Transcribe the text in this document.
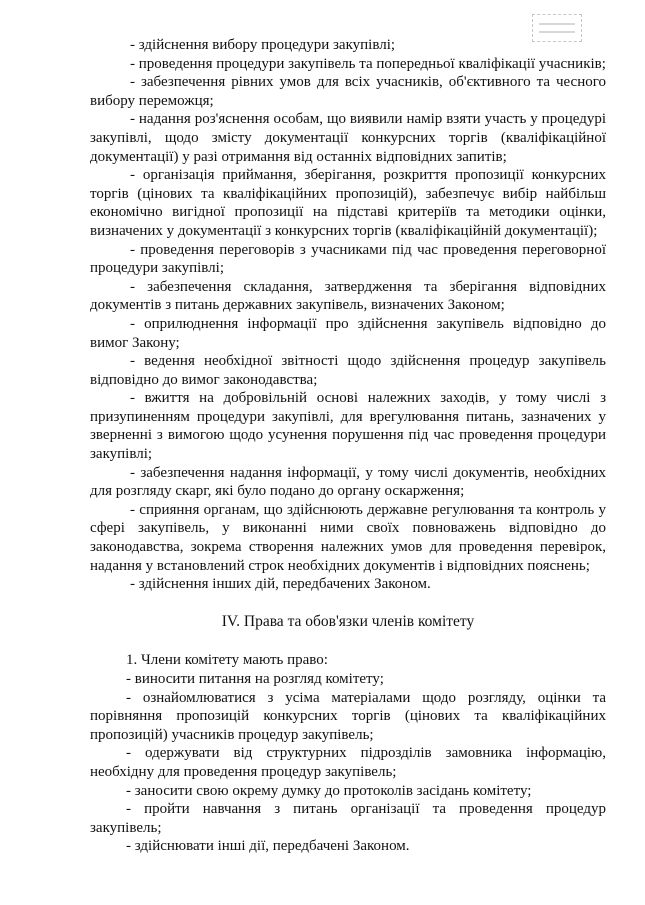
- здійснення вибору процедури закупівлі;

- проведення процедури закупівель та попередньої кваліфікації учасників;

- забезпечення рівних умов для всіх учасників, об'єктивного та чесного вибору переможця;

- надання роз'яснення особам, що виявили намір взяти участь у процедурі закупівлі, щодо змісту документації конкурсних торгів (кваліфікаційної документації) у разі отримання від останніх відповідних запитів;

- організація приймання, зберігання, розкриття пропозиції конкурсних торгів (цінових та кваліфікаційних пропозицій), забезпечує вибір найбільш економічно вигідної пропозиції на підставі критеріїв та методики оцінки, визначених у документації з конкурсних торгів (кваліфікаційній документації);

- проведення переговорів з учасниками під час проведення переговорної процедури закупівлі;

- забезпечення складання, затвердження та зберігання відповідних документів з питань державних закупівель, визначених Законом;

- оприлюднення інформації про здійснення закупівель відповідно до вимог Закону;

- ведення необхідної звітності щодо здійснення процедур закупівель відповідно до вимог законодавства;

- вжиття на добровільній основі належних заходів, у тому числі з призупиненням процедури закупівлі, для врегулювання питань, зазначених у зверненні з вимогою щодо усунення порушення під час проведення процедури закупівлі;

- забезпечення надання інформації, у тому числі документів, необхідних для розгляду скарг, які було подано до органу оскарження;

- сприяння органам, що здійснюють державне регулювання та контроль у сфері закупівель, у виконанні ними своїх повноважень відповідно до законодавства, зокрема створення належних умов для проведення перевірок, надання у встановлений строк необхідних документів і відповідних пояснень;

- здійснення інших дій, передбачених Законом.

IV. Права та обов'язки членів комітету

1. Члени комітету мають право:

- виносити питання на розгляд комітету;

- ознайомлюватися з усіма матеріалами щодо розгляду, оцінки та порівняння пропозицій конкурсних торгів (цінових та кваліфікаційних пропозицій) учасників процедур закупівель;

- одержувати від структурних підрозділів замовника інформацію, необхідну для проведення процедур закупівель;

- заносити свою окрему думку до протоколів засідань комітету;

- пройти навчання з питань організації та проведення процедур закупівель;

- здійснювати інші дії, передбачені Законом.
